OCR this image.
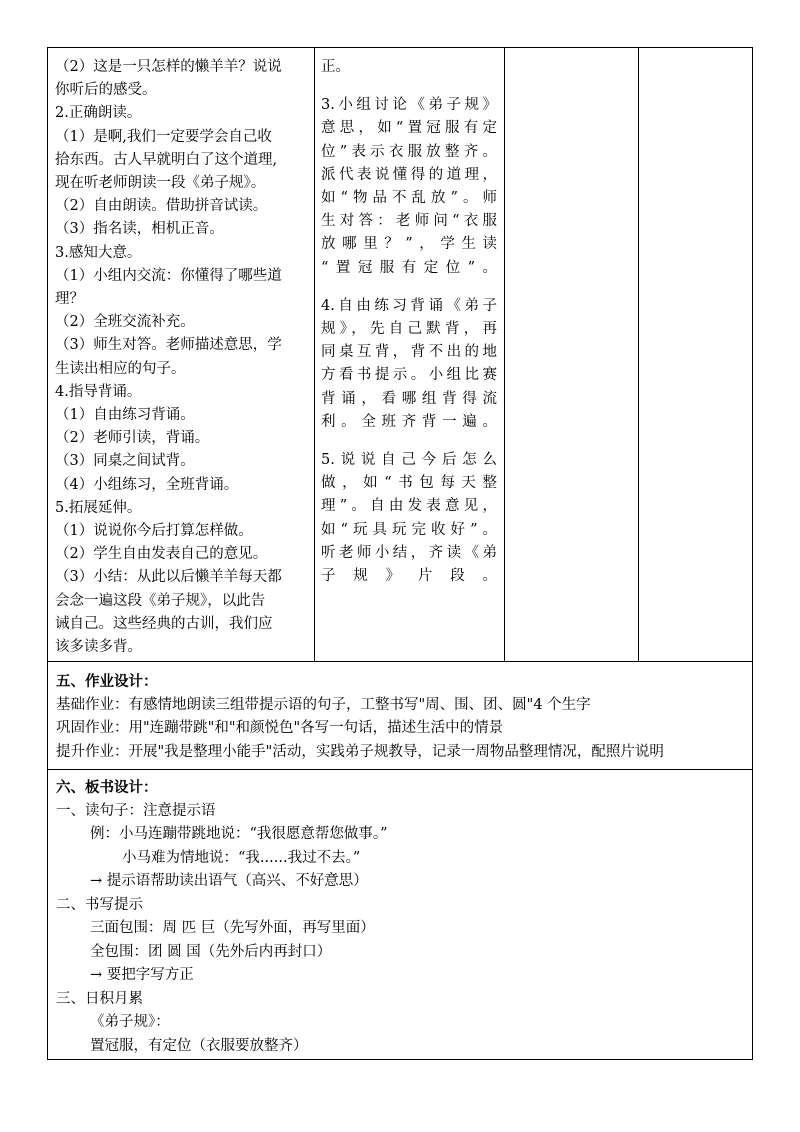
（2）这是一只怎样的懒羊羊？说说

你听后的感受。

2.正确朗读。

（1）是啊,我们一定要学会自己收

拾东西。古人早就明白了这个道理,

现在听老师朗读一段《弟子规》。

（2）自由朗读。借助拼音试读。

（3）指名读，相机正音。

3.感知大意。

（1）小组内交流：你懂得了哪些道

理？

（2）全班交流补充。

（3）师生对答。老师描述意思，学

生读出相应的句子。

4.指导背诵。

（1）自由练习背诵。

（2）老师引读，背诵。

（3）同桌之间试背。

（4）小组练习，全班背诵。

5.拓展延伸。

（1）说说你今后打算怎样做。

（2）学生自由发表自己的意见。

（3）小结：从此以后懒羊羊每天都

会念一遍这段《弟子规》，以此告

诫自己。这些经典的古训，我们应

该多读多背。

正。

3.小组讨论《弟子规》

意思，如“置冠服有定

位”表示衣服放整齐。

派代表说懂得的道理，

如“物品不乱放”。师

生对答：老师问“衣服

放哪里？”，学生读

“置冠服有定位”。

4.自由练习背诵《弟子

规》，先自己默背，再

同桌互背，背不出的地

方看书提示。小组比赛

背诵，看哪组背得流

利。全班齐背一遍。

5.说说自己今后怎么

做，如“书包每天整

理”。自由发表意见，

如“玩具玩完收好”。

听老师小结，齐读《弟

子规》片段。

五、作业设计：

基础作业：有感情地朗读三组带提示语的句子，工整书写"周、围、团、圆"4 个生字

巩固作业：用"连蹦带跳"和"和颜悦色"各写一句话，描述生活中的情景

提升作业：开展"我是整理小能手"活动，实践弟子规教导，记录一周物品整理情况，配照片说明

六、板书设计：

一、读句子：注意提示语

例：小马连蹦带跳地说：“我很愿意帮您做事。”

小马难为情地说：“我......我过不去。”

→ 提示语帮助读出语气（高兴、不好意思）

二、书写提示

三面包围：周 匹 巨（先写外面，再写里面）

全包围：团 圆 国（先外后内再封口）

→ 要把字写方正

三、日积月累

《弟子规》：

置冠服，有定位（衣服要放整齐）
